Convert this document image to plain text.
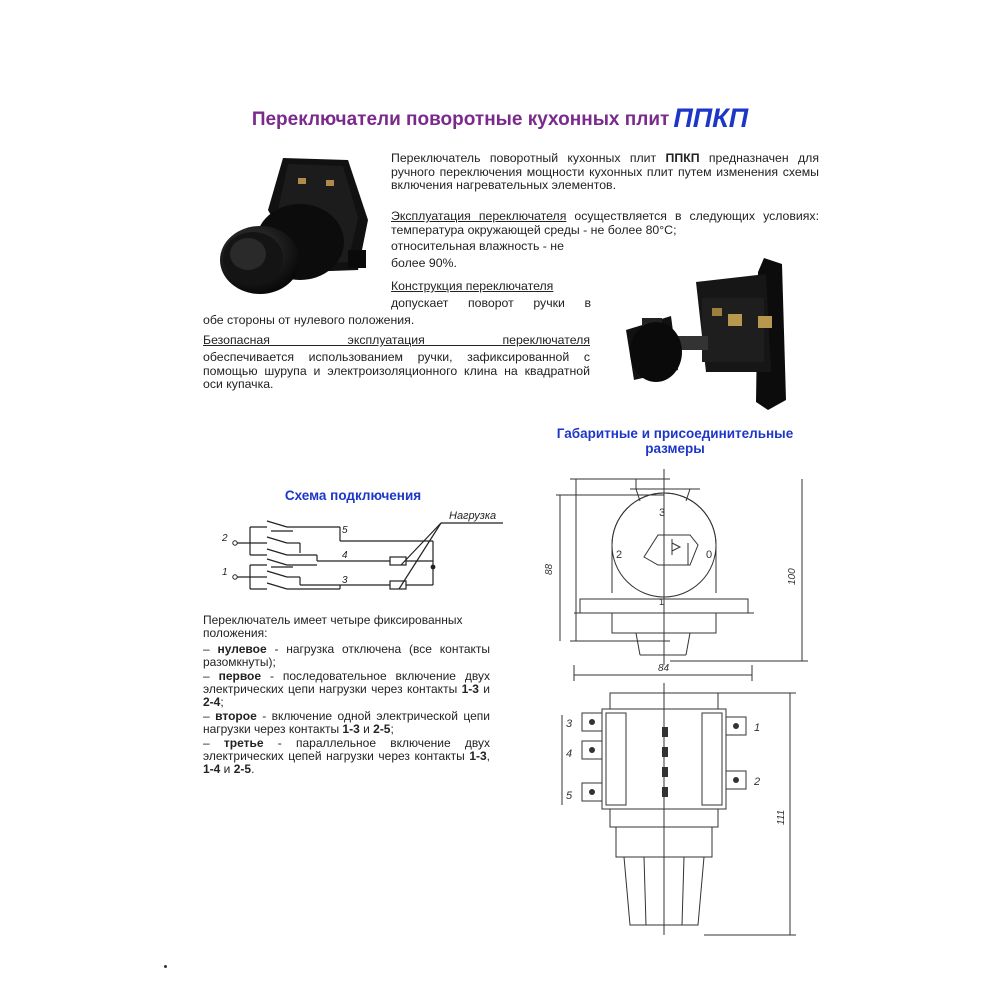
Переключатели поворотные кухонных плит ППКП
Переключатель поворотный кухонных плит ППКП предназначен для ручного переключения мощности кухонных плит путем изменения схемы включения нагревательных элементов.
Эксплуатация переключателя осуществляется в следующих условиях: температура окружающей среды - не более 80°С;
относительная влажность - не
более 90%.
Конструкция переключателя
допускает поворот ручки в
обе стороны от нулевого положения.
Безопасная эксплуатация переключателя
обеспечивается использованием ручки, зафиксированной с помощью шурупа и электроизоляционного клина на квадратной оси купачка.
Габаритные и присоединительные
размеры
Схема подключения
2
1
5
4
3
Нагрузка
Переключатель имеет четыре фиксированных положения:
– нулевое - нагрузка отключена (все контакты разомкнуты);
– первое - последовательное включение двух электрических цепи нагрузки через контакты 1-3 и 2-4;
– второе - включение одной электрической цепи нагрузки через контакты 1-3 и 2-5;
– третье - параллельное включение двух электрических цепей нагрузки через контакты 1-3, 1-4 и 2-5.
88	100
84
111
3
2	0
1
3
4
5
1
2
